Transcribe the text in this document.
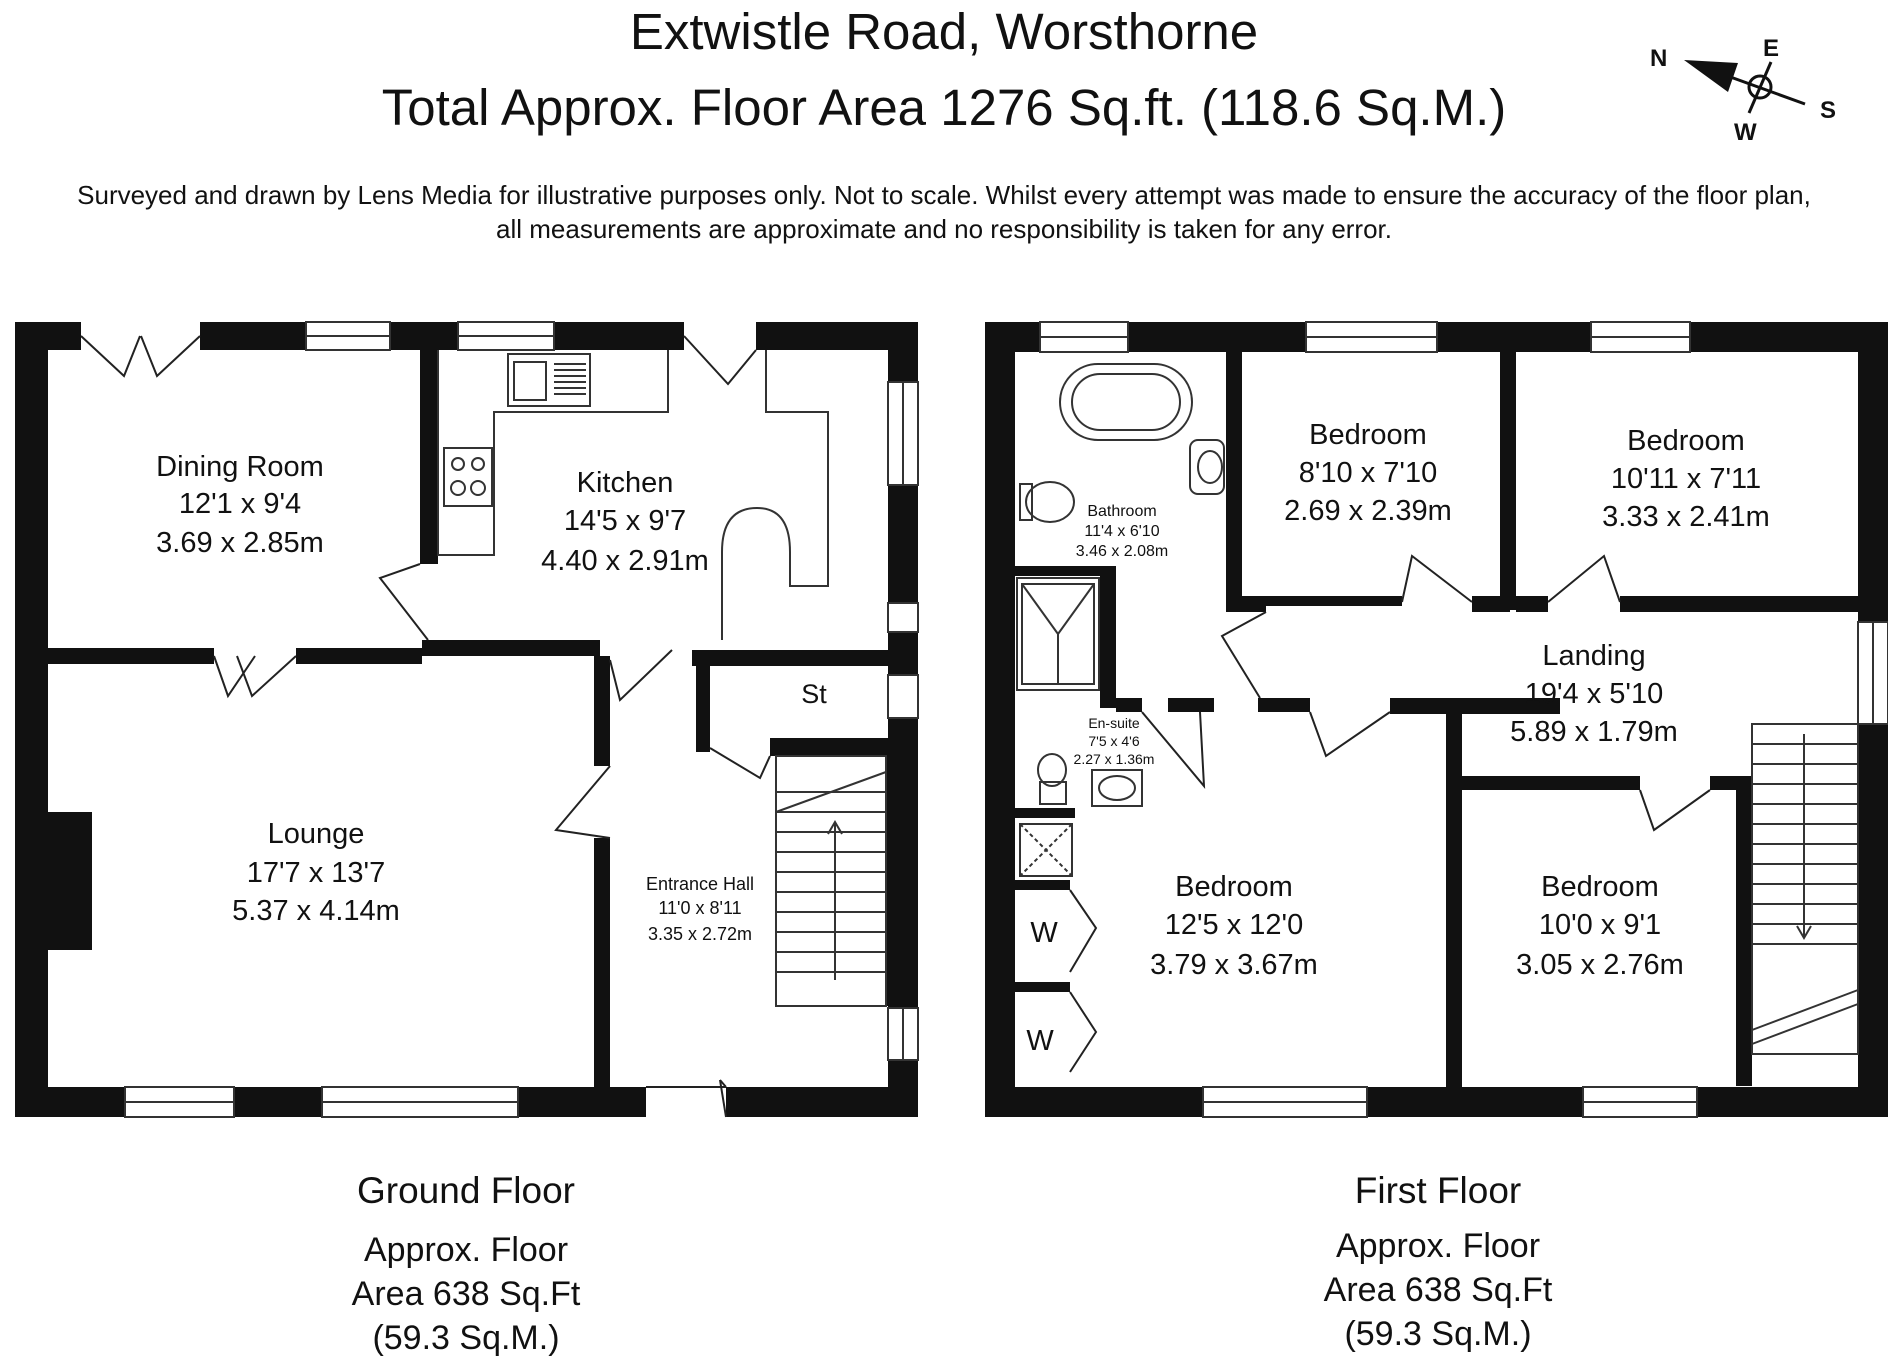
Extwistle Road, Worsthorne
Total Approx. Floor Area 1276 Sq.ft. (118.6 Sq.M.)
Surveyed and drawn by Lens Media for illustrative purposes only. Not to scale. Whilst every attempt was made to ensure the accuracy of the floor plan,
all measurements are approximate and no responsibility is taken for any error.
N	E
S
W
Dining Room
12'1 x 9'4
3.69 x 2.85m
Kitchen
14'5 x 9'7
4.40 x 2.91m
Lounge
17'7 x 13'7
5.37 x 4.14m
Entrance Hall
11'0 x 8'11
3.35 x 2.72m
St
Bathroom
11'4 x 6'10
3.46 x 2.08m
Bedroom
8'10 x 7'10
2.69 x 2.39m
Bedroom
10'11 x 7'11
3.33 x 2.41m
Landing
19'4 x 5'10
5.89 x 1.79m
En-suite
7'5 x 4'6
2.27 x 1.36m
Bedroom
12'5 x 12'0
3.79 x 3.67m
Bedroom
10'0 x 9'1
3.05 x 2.76m
W
W
Ground Floor
Approx. Floor
Area 638 Sq.Ft
(59.3 Sq.M.)
First Floor
Approx. Floor
Area 638 Sq.Ft
(59.3 Sq.M.)
